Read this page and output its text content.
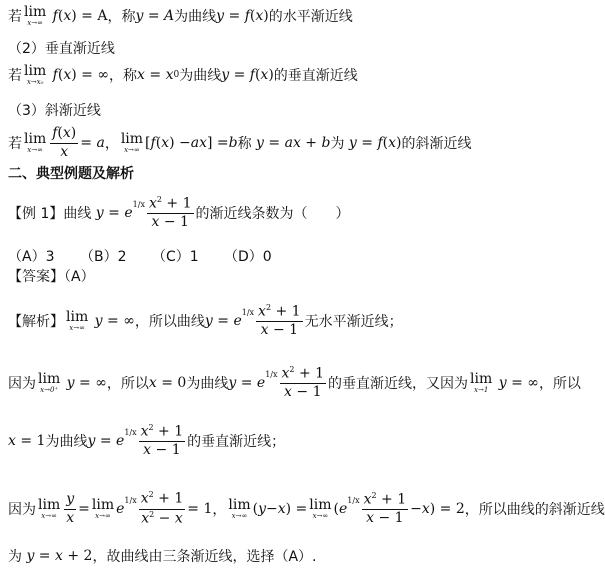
若 lim
x→∞ f ( x ) = A ，称 y = A 为曲线 y = f ( x ) 的水平渐近线
（2）垂直渐近线
若 lim
x→x₀ f ( x ) = ∞ ，称 x = x 0 为曲线 y = f ( x ) 的垂直渐近线
（3）斜渐近线
若 lim
$x\to\infty \frac{f(x)}{x} = a$ ， lim
x→∞ [ f ( x ) − ax ] = b 称 y = ax + b 为 y = f ( x ) 的斜渐近线
二、典型例题及解析
【例 1】曲线 y = e
$1/x \frac{x^2 + 1}{x - 1}$ 的渐近线条数为（　　）
（A）3	（B）2	（C）1	（D）0
【答案】（A）
【解析】 lim
x→∞ y = ∞ ，所以曲线 y = e
$1/x \frac{x^2 + 1}{x - 1}$ 无水平渐近线；
因为 lim
x→0⁺ y = ∞ ，所以 x = 0 为曲线 y = e
$1/x \frac{x^2 + 1}{x - 1}$ 的垂直渐近线，又因为 lim
x→1 y = ∞ ，所以
x = 1 为曲线 y = e
$1/x \frac{x^2 + 1}{x - 1}$ 的垂直渐近线；
因为 lim
$x\to\infty \frac{y}{x} = \lim$
x→∞ e
$1/x \frac{x^2 + 1}{x^2 - x} = 1$ ， lim
x→∞ ( y − x ) = lim
x→∞ ( e
$1/x \frac{x^2 + 1}{x - 1} - x$ ) = 2 ，所以曲线的斜渐近线
为 y = x + 2 ，故曲线由三条渐近线，选择（A）.
